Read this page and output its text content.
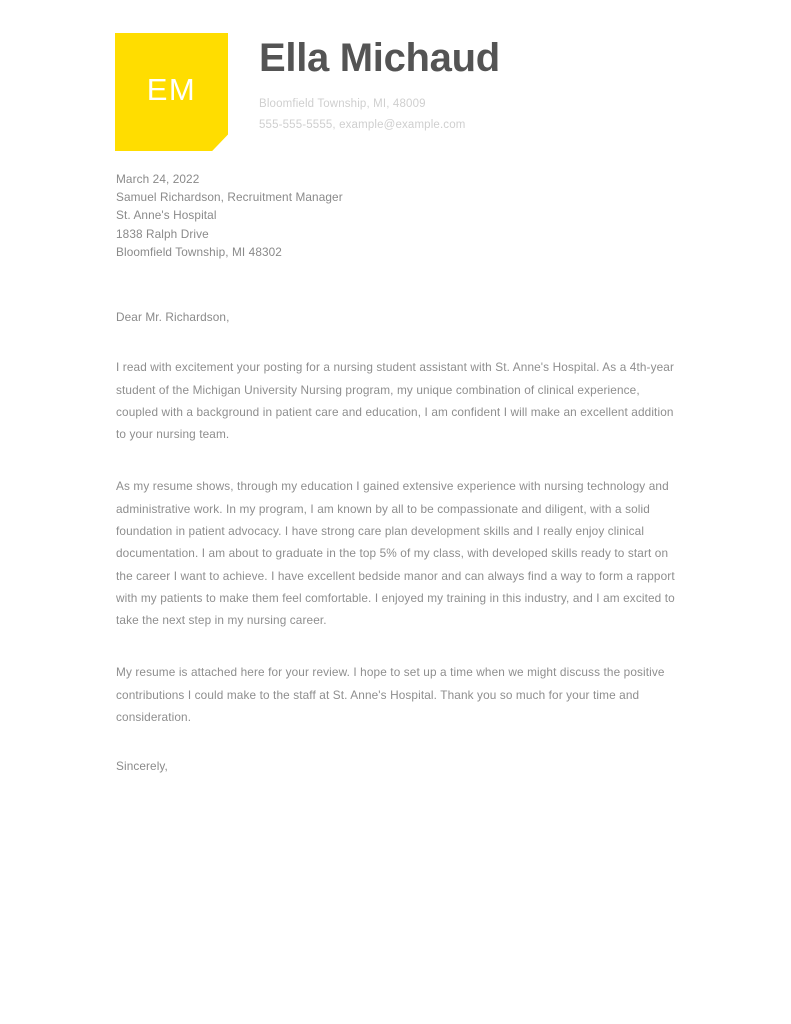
EM
Ella Michaud
Bloomfield Township, MI, 48009
555-555-5555, example@example.com
March 24, 2022
Samuel Richardson, Recruitment Manager
St. Anne's Hospital
1838 Ralph Drive
Bloomfield Township, MI 48302
Dear Mr. Richardson,
I read with excitement your posting for a nursing student assistant with St. Anne's Hospital. As a 4th-year student of the Michigan University Nursing program, my unique combination of clinical experience, coupled with a background in patient care and education, I am confident I will make an excellent addition to your nursing team.
As my resume shows, through my education I gained extensive experience with nursing technology and administrative work. In my program, I am known by all to be compassionate and diligent, with a solid foundation in patient advocacy. I have strong care plan development skills and I really enjoy clinical documentation. I am about to graduate in the top 5% of my class, with developed skills ready to start on the career I want to achieve. I have excellent bedside manor and can always find a way to form a rapport with my patients to make them feel comfortable. I enjoyed my training in this industry, and I am excited to take the next step in my nursing career.
My resume is attached here for your review. I hope to set up a time when we might discuss the positive contributions I could make to the staff at St. Anne's Hospital. Thank you so much for your time and consideration.
Sincerely,
